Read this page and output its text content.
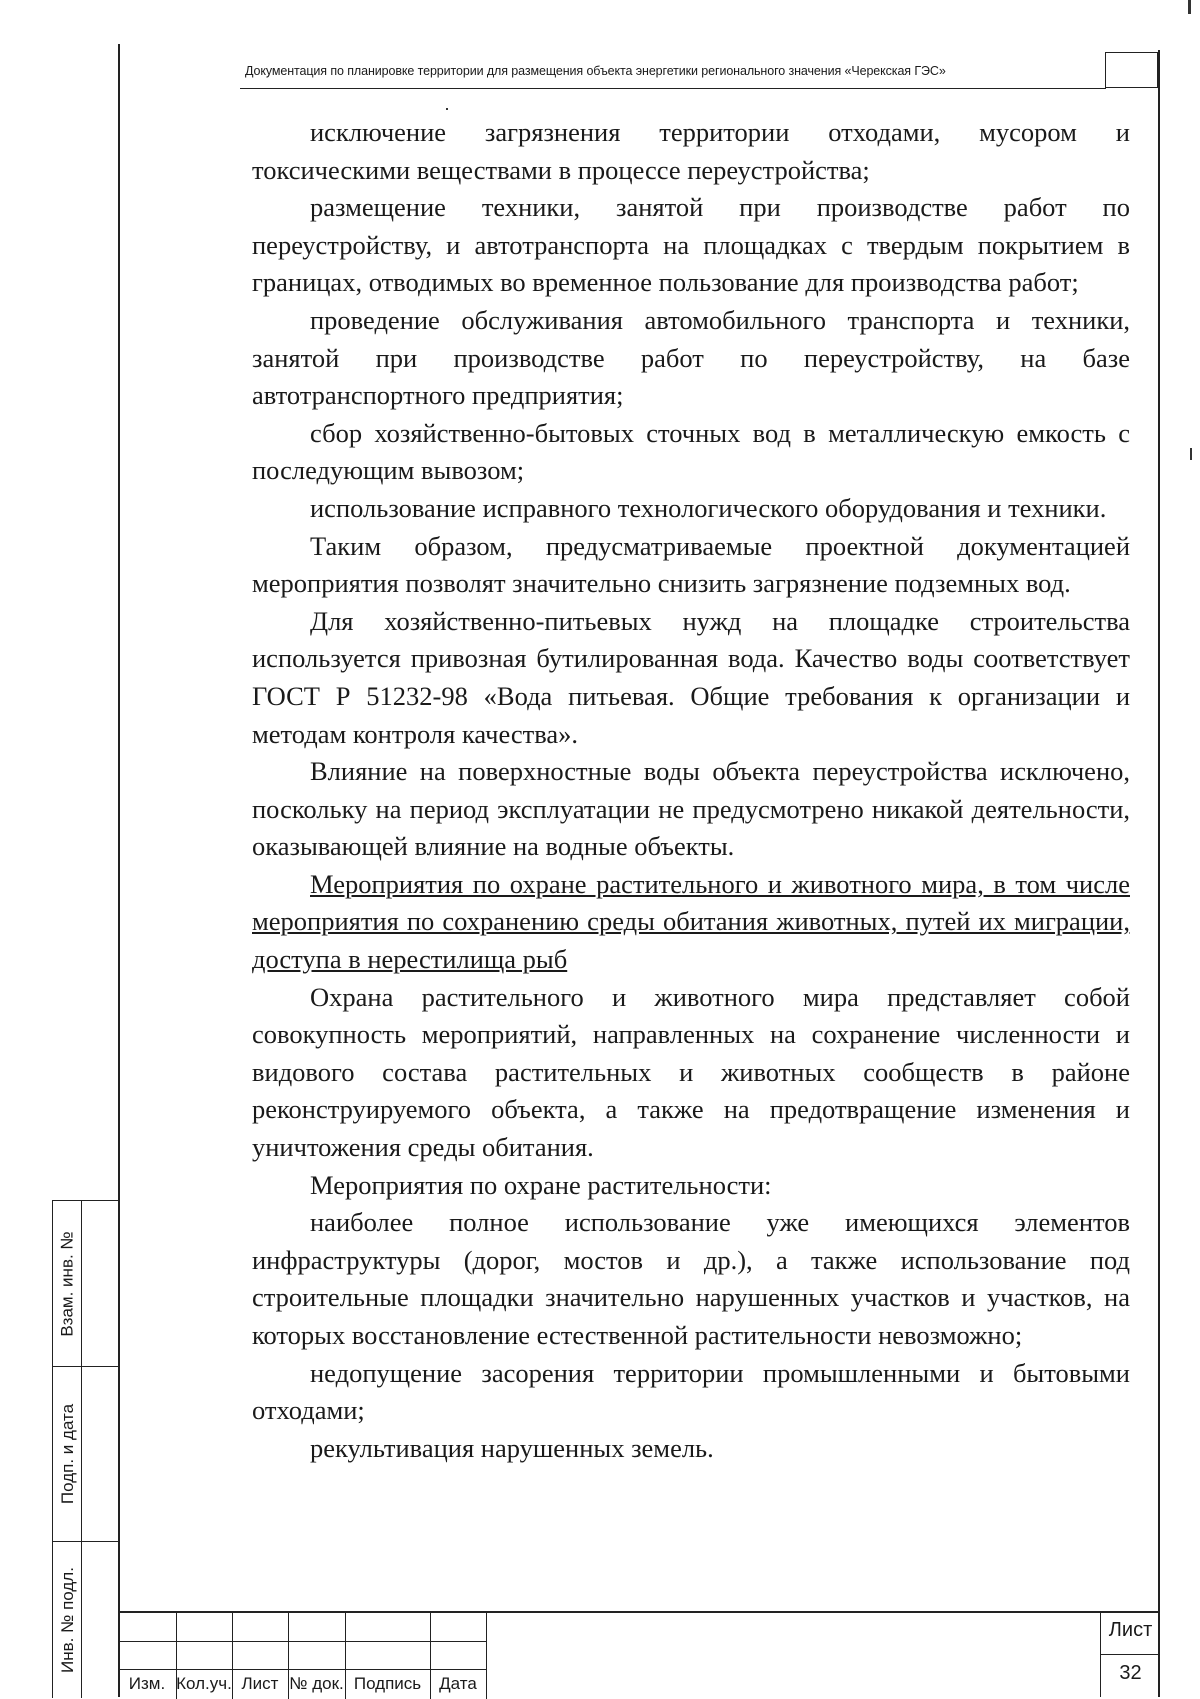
Документация по планировке территории для размещения объекта энергетики регионального значения «Черекская ГЭС»

исключение загрязнения территории отходами, мусором и токсическими веществами в процессе переустройства;

размещение техники, занятой при производстве работ по переустройству, и автотранспорта на площадках с твердым покрытием в границах, отводимых во временное пользование для производства работ;

проведение обслуживания автомобильного транспорта и техники, занятой при производстве работ по переустройству, на базе автотранспортного предприятия;

сбор хозяйственно-бытовых сточных вод в металлическую емкость с последующим вывозом;

использование исправного технологического оборудования и техники.

Таким образом, предусматриваемые проектной документацией мероприятия позволят значительно снизить загрязнение подземных вод.

Для хозяйственно-питьевых нужд на площадке строительства используется привозная бутилированная вода. Качество воды соответствует ГОСТ Р 51232-98 «Вода питьевая. Общие требования к организации и методам контроля качества».

Влияние на поверхностные воды объекта переустройства исключено, поскольку на период эксплуатации не предусмотрено никакой деятельности, оказывающей влияние на водные объекты.

Мероприятия по охране растительного и животного мира, в том числе мероприятия по сохранению среды обитания животных, путей их миграции, доступа в нерестилища рыб

Охрана растительного и животного мира представляет собой совокупность мероприятий, направленных на сохранение численности и видового состава растительных и животных сообществ в районе реконструируемого объекта, а также на предотвращение изменения и уничтожения среды обитания.

Мероприятия по охране растительности:

наиболее полное использование уже имеющихся элементов инфраструктуры (дорог, мостов и др.), а также использование под строительные площадки значительно нарушенных участков и участков, на которых восстановление естественной растительности невозможно;

недопущение засорения территории промышленными и бытовыми отходами;

рекультивация нарушенных земель.

Взам. инв. №
Подп. и дата
Инв. № подл.
Изм. Кол.уч. Лист № док. Подпись	Дата
Лист
32
